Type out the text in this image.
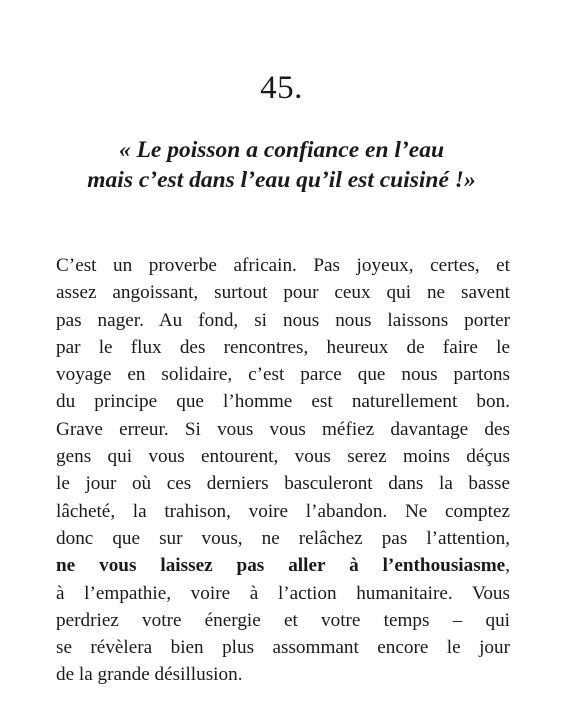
45.
« Le poisson a confiance en l’eau
mais c’est dans l’eau qu’il est cuisiné !»
C’est un proverbe africain. Pas joyeux, certes, et
assez angoissant, surtout pour ceux qui ne savent
pas nager. Au fond, si nous nous laissons porter
par le flux des rencontres, heureux de faire le
voyage en solidaire, c’est parce que nous partons
du principe que l’homme est naturellement bon.
Grave erreur. Si vous vous méfiez davantage des
gens qui vous entourent, vous serez moins déçus
le jour où ces derniers basculeront dans la basse
lâcheté, la trahison, voire l’abandon. Ne comptez
donc que sur vous, ne relâchez pas l’attention,
ne vous laissez pas aller à l’enthousiasme,
à l’empathie, voire à l’action humanitaire. Vous
perdriez votre énergie et votre temps – qui
se révèlera bien plus assommant encore le jour
de la grande désillusion.
